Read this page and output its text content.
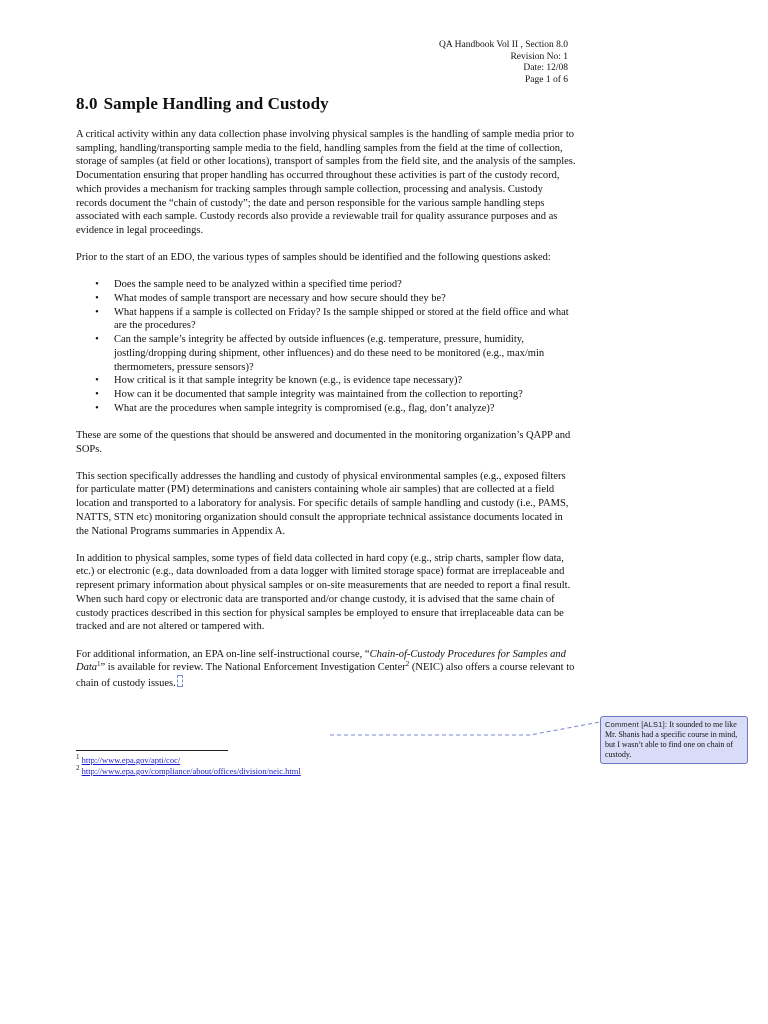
QA Handbook Vol II , Section 8.0
Revision No: 1
Date: 12/08
Page 1 of 6
8.0 Sample Handling and Custody

A critical activity within any data collection phase involving physical samples is the handling of sample media prior to sampling, handling/transporting sample media to the field, handling samples from the field at the time of collection, storage of samples (at field or other locations), transport of samples from the field site, and the analysis of the samples. Documentation ensuring that proper handling has occurred throughout these activities is part of the custody record, which provides a mechanism for tracking samples through sample collection, processing and analysis. Custody records document the “chain of custody”; the date and person responsible for the various sample handling steps associated with each sample. Custody records also provide a reviewable trail for quality assurance purposes and as evidence in legal proceedings.

Prior to the start of an EDO, the various types of samples should be identified and the following questions asked:

•	Does the sample need to be analyzed within a specified time period?
•	What modes of sample transport are necessary and how secure should they be?
•	What happens if a sample is collected on Friday? Is the sample shipped or stored at the field office and what are the procedures?
•	Can the sample’s integrity be affected by outside influences (e.g. temperature, pressure, humidity, jostling/dropping during shipment, other influences) and do these need to be monitored (e.g., max/min thermometers, pressure sensors)?
•	How critical is it that sample integrity be known (e.g., is evidence tape necessary)?
•	How can it be documented that sample integrity was maintained from the collection to reporting?
•	What are the procedures when sample integrity is compromised (e.g., flag, don’t analyze)?

These are some of the questions that should be answered and documented in the monitoring organization’s QAPP and SOPs.

This section specifically addresses the handling and custody of physical environmental samples (e.g., exposed filters for particulate matter (PM) determinations and canisters containing whole air samples) that are collected at a field location and transported to a laboratory for analysis. For specific details of sample handling and custody (i.e., PAMS, NATTS, STN etc) monitoring organization should consult the appropriate technical assistance documents located in the National Programs summaries in Appendix A.

In addition to physical samples, some types of field data collected in hard copy (e.g., strip charts, sampler flow data, etc.) or electronic (e.g., data downloaded from a data logger with limited storage space) format are irreplaceable and represent primary information about physical samples or on-site measurements that are needed to report a final result. When such hard copy or electronic data are transported and/or change custody, it is advised that the same chain of custody practices described in this section for physical samples be employed to ensure that irreplaceable data can be tracked and are not altered or tampered with.

For additional information, an EPA on-line self-instructional course, “Chain-of-Custody Procedures for Samples and Data$^1$” is available for review. The National Enforcement Investigation Center$^2$ (NEIC) also offers a course relevant to chain of custody issues.

Comment [ALS1]: It sounded to me like Mr. Shanis had a specific course in mind, but I wasn’t able to find one on chain of custody.
$^1$ http://www.epa.gov/apti/coc/
$^2$ http://www.epa.gov/compliance/about/offices/division/neic.html
